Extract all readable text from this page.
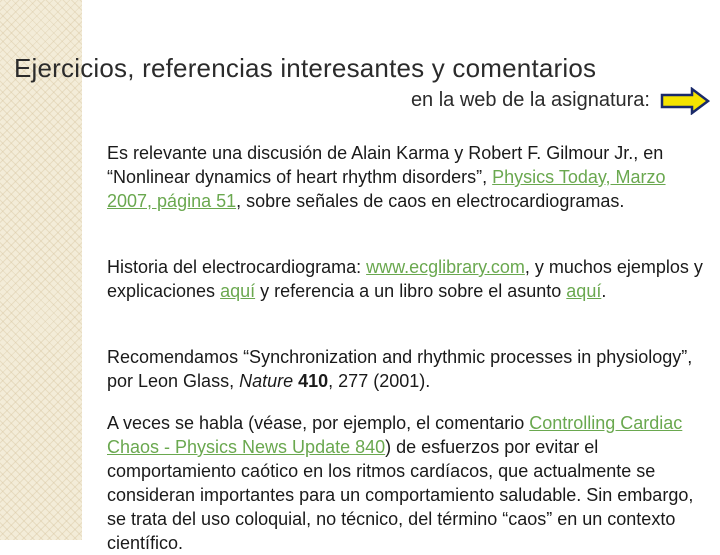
Ejercicios, referencias interesantes y comentarios
en la web de la asignatura:
Es relevante una discusión de Alain Karma y Robert F. Gilmour Jr., en “Nonlinear dynamics of heart rhythm disorders”, Physics Today, Marzo 2007, página 51, sobre señales de caos en electrocardiogramas.
Historia del electrocardiograma: www.ecglibrary.com, y muchos ejemplos y explicaciones aquí y referencia a un libro sobre el asunto aquí.
Recomendamos “Synchronization and rhythmic processes in physiology”, por Leon Glass, Nature 410, 277 (2001).
A veces se habla (véase, por ejemplo, el comentario Controlling Cardiac Chaos - Physics News Update 840) de esfuerzos por evitar el comportamiento caótico en los ritmos cardíacos, que actualmente se consideran importantes para un comportamiento saludable. Sin embargo, se trata del uso coloquial, no técnico, del término “caos” en un contexto científico.
